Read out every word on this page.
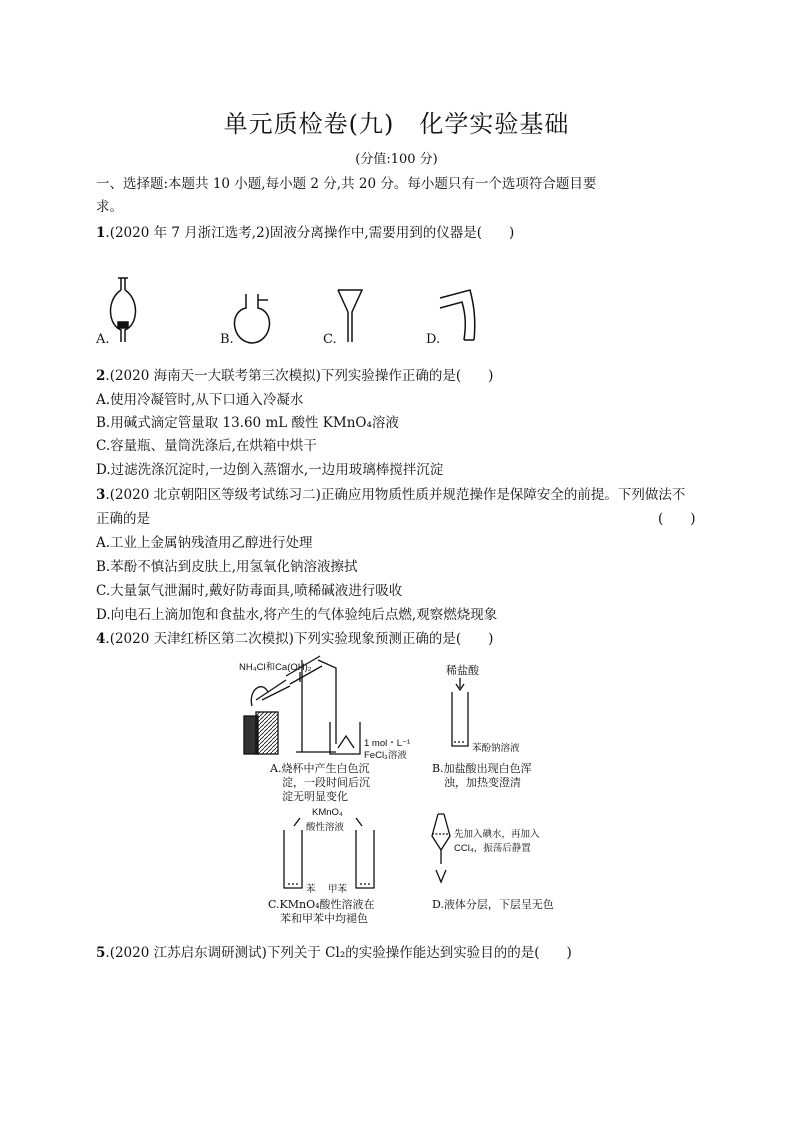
单元质检卷(九)　化学实验基础
(分值:100 分)
一、选择题:本题共 10 小题,每小题 2 分,共 20 分。每小题只有一个选项符合题目要
求。
1.(2020 年 7 月浙江选考,2)固液分离操作中,需要用到的仪器是(　　)
A.	B.	C.	D.
2.(2020 海南天一大联考第三次模拟)下列实验操作正确的是(　　)
A.使用冷凝管时,从下口通入冷凝水
B.用碱式滴定管量取 13.60 mL 酸性 KMnO₄溶液
C.容量瓶、量筒洗涤后,在烘箱中烘干
D.过滤洗涤沉淀时,一边倒入蒸馏水,一边用玻璃棒搅拌沉淀
3.(2020 北京朝阳区等级考试练习二)正确应用物质性质并规范操作是保障安全的前提。下列做法不
正确的是	(　　)
A.工业上金属钠残渣用乙醇进行处理
B.苯酚不慎沾到皮肤上,用氢氧化钠溶液擦拭
C.大量氯气泄漏时,戴好防毒面具,喷稀碱液进行吸收
D.向电石上滴加饱和食盐水,将产生的气体验纯后点燃,观察燃烧现象
4.(2020 天津红桥区第二次模拟)下列实验现象预测正确的是(　　)
NH₄Cl和Ca(OH)₂
1 mol・L⁻¹
FeCl₃溶液
A.烧杯中产生白色沉
淀，一段时间后沉
淀无明显变化
稀盐酸
苯酚钠溶液
B.加盐酸出现白色浑
浊，加热变澄清
KMnO₄
酸性溶液
苯 甲苯
C.KMnO₄酸性溶液在
苯和甲苯中均褪色
先加入碘水，再加入
CCl₄，振荡后静置
D.液体分层，下层呈无色
5.(2020 江苏启东调研测试)下列关于 Cl₂的实验操作能达到实验目的的是(　　)
